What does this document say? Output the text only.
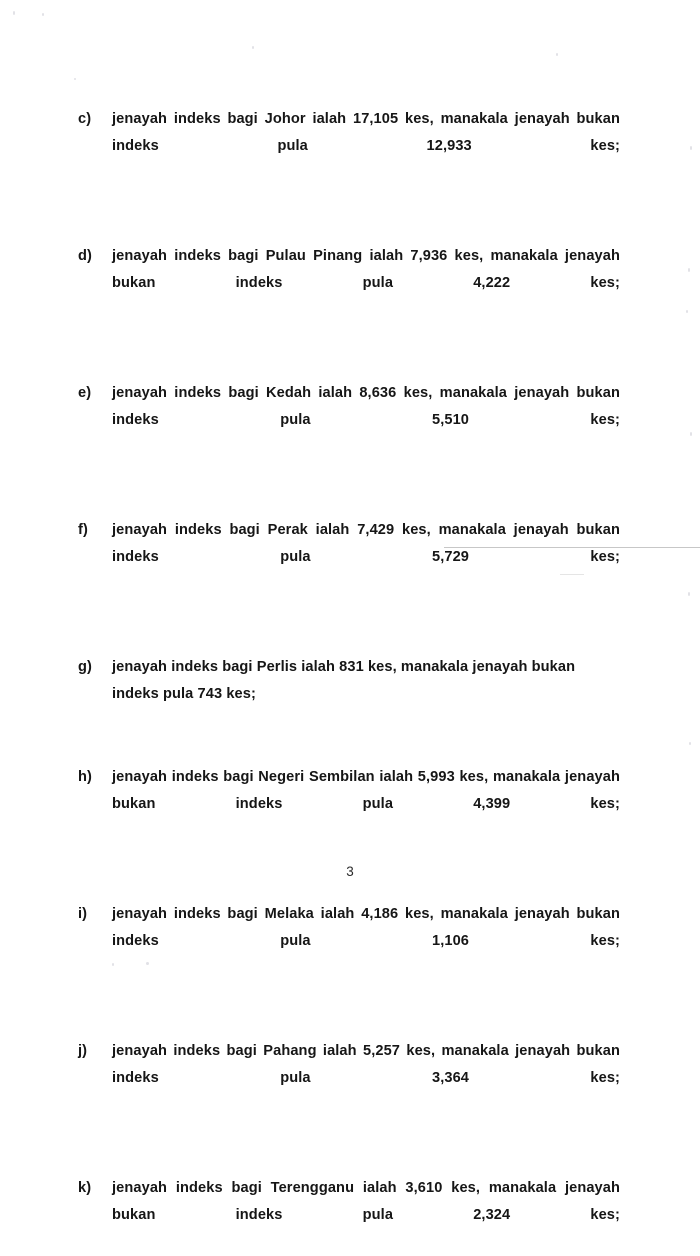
c)	jenayah indeks bagi Johor ialah 17,105 kes, manakala jenayah bukan indeks pula 12,933 kes;
d)	jenayah indeks bagi Pulau Pinang ialah 7,936 kes, manakala jenayah bukan indeks pula 4,222 kes;
e)	jenayah indeks bagi Kedah ialah 8,636 kes, manakala jenayah bukan indeks pula 5,510 kes;
f)	jenayah indeks bagi Perak ialah 7,429 kes, manakala jenayah bukan indeks pula 5,729 kes;
g)	jenayah indeks bagi Perlis ialah 831 kes, manakala jenayah bukan indeks pula 743 kes;
h)	jenayah indeks bagi Negeri Sembilan ialah 5,993 kes, manakala jenayah bukan indeks pula 4,399 kes;
i)	jenayah indeks bagi Melaka ialah 4,186 kes, manakala jenayah bukan indeks pula 1,106 kes;
j)	jenayah indeks bagi Pahang ialah 5,257 kes, manakala jenayah bukan indeks pula 3,364 kes;
k)	jenayah indeks bagi Terengganu ialah 3,610 kes, manakala jenayah bukan indeks pula 2,324 kes;
3
